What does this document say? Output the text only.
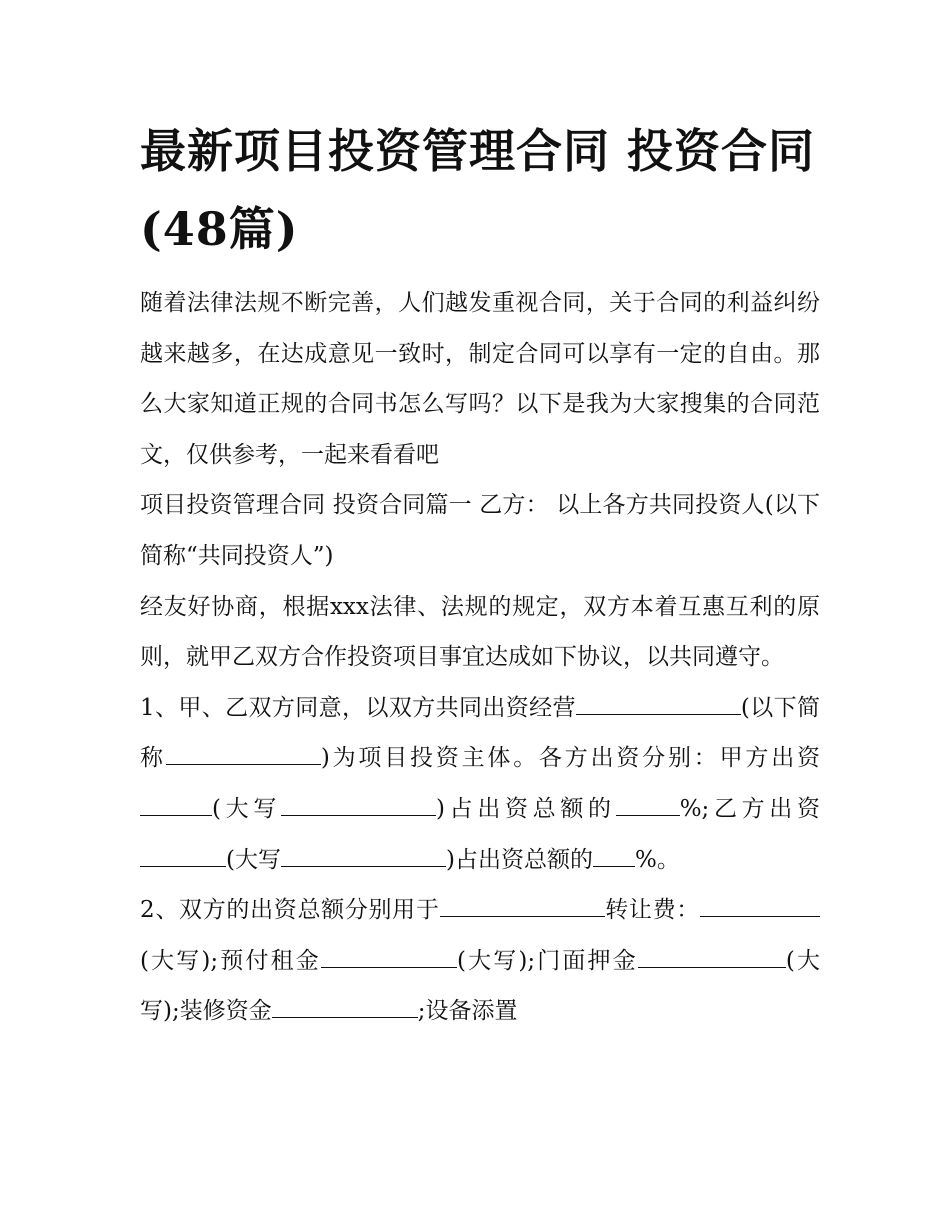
最新项目投资管理合同 投资合同(48篇)

随着法律法规不断完善，人们越发重视合同，关于合同的利益纠纷越来越多，在达成意见一致时，制定合同可以享有一定的自由。那么大家知道正规的合同书怎么写吗？以下是我为大家搜集的合同范文，仅供参考，一起来看看吧

项目投资管理合同 投资合同篇一 乙方： 以上各方共同投资人(以下简称“共同投资人”)

经友好协商，根据xxx法律、法规的规定，双方本着互惠互利的原则，就甲乙双方合作投资项目事宜达成如下协议，以共同遵守。

1、甲、乙双方同意，以双方共同出资经营	(以下简称	)为项目投资主体。各方出资分别：甲方出资(大写	)占出资总额的	%;乙方出资(大写	)占出资总额的 %。

2、双方的出资总额分别用于	转让费：(大写);预付租金	(大写);门面押金	(大写);装修资金	;设备添置
